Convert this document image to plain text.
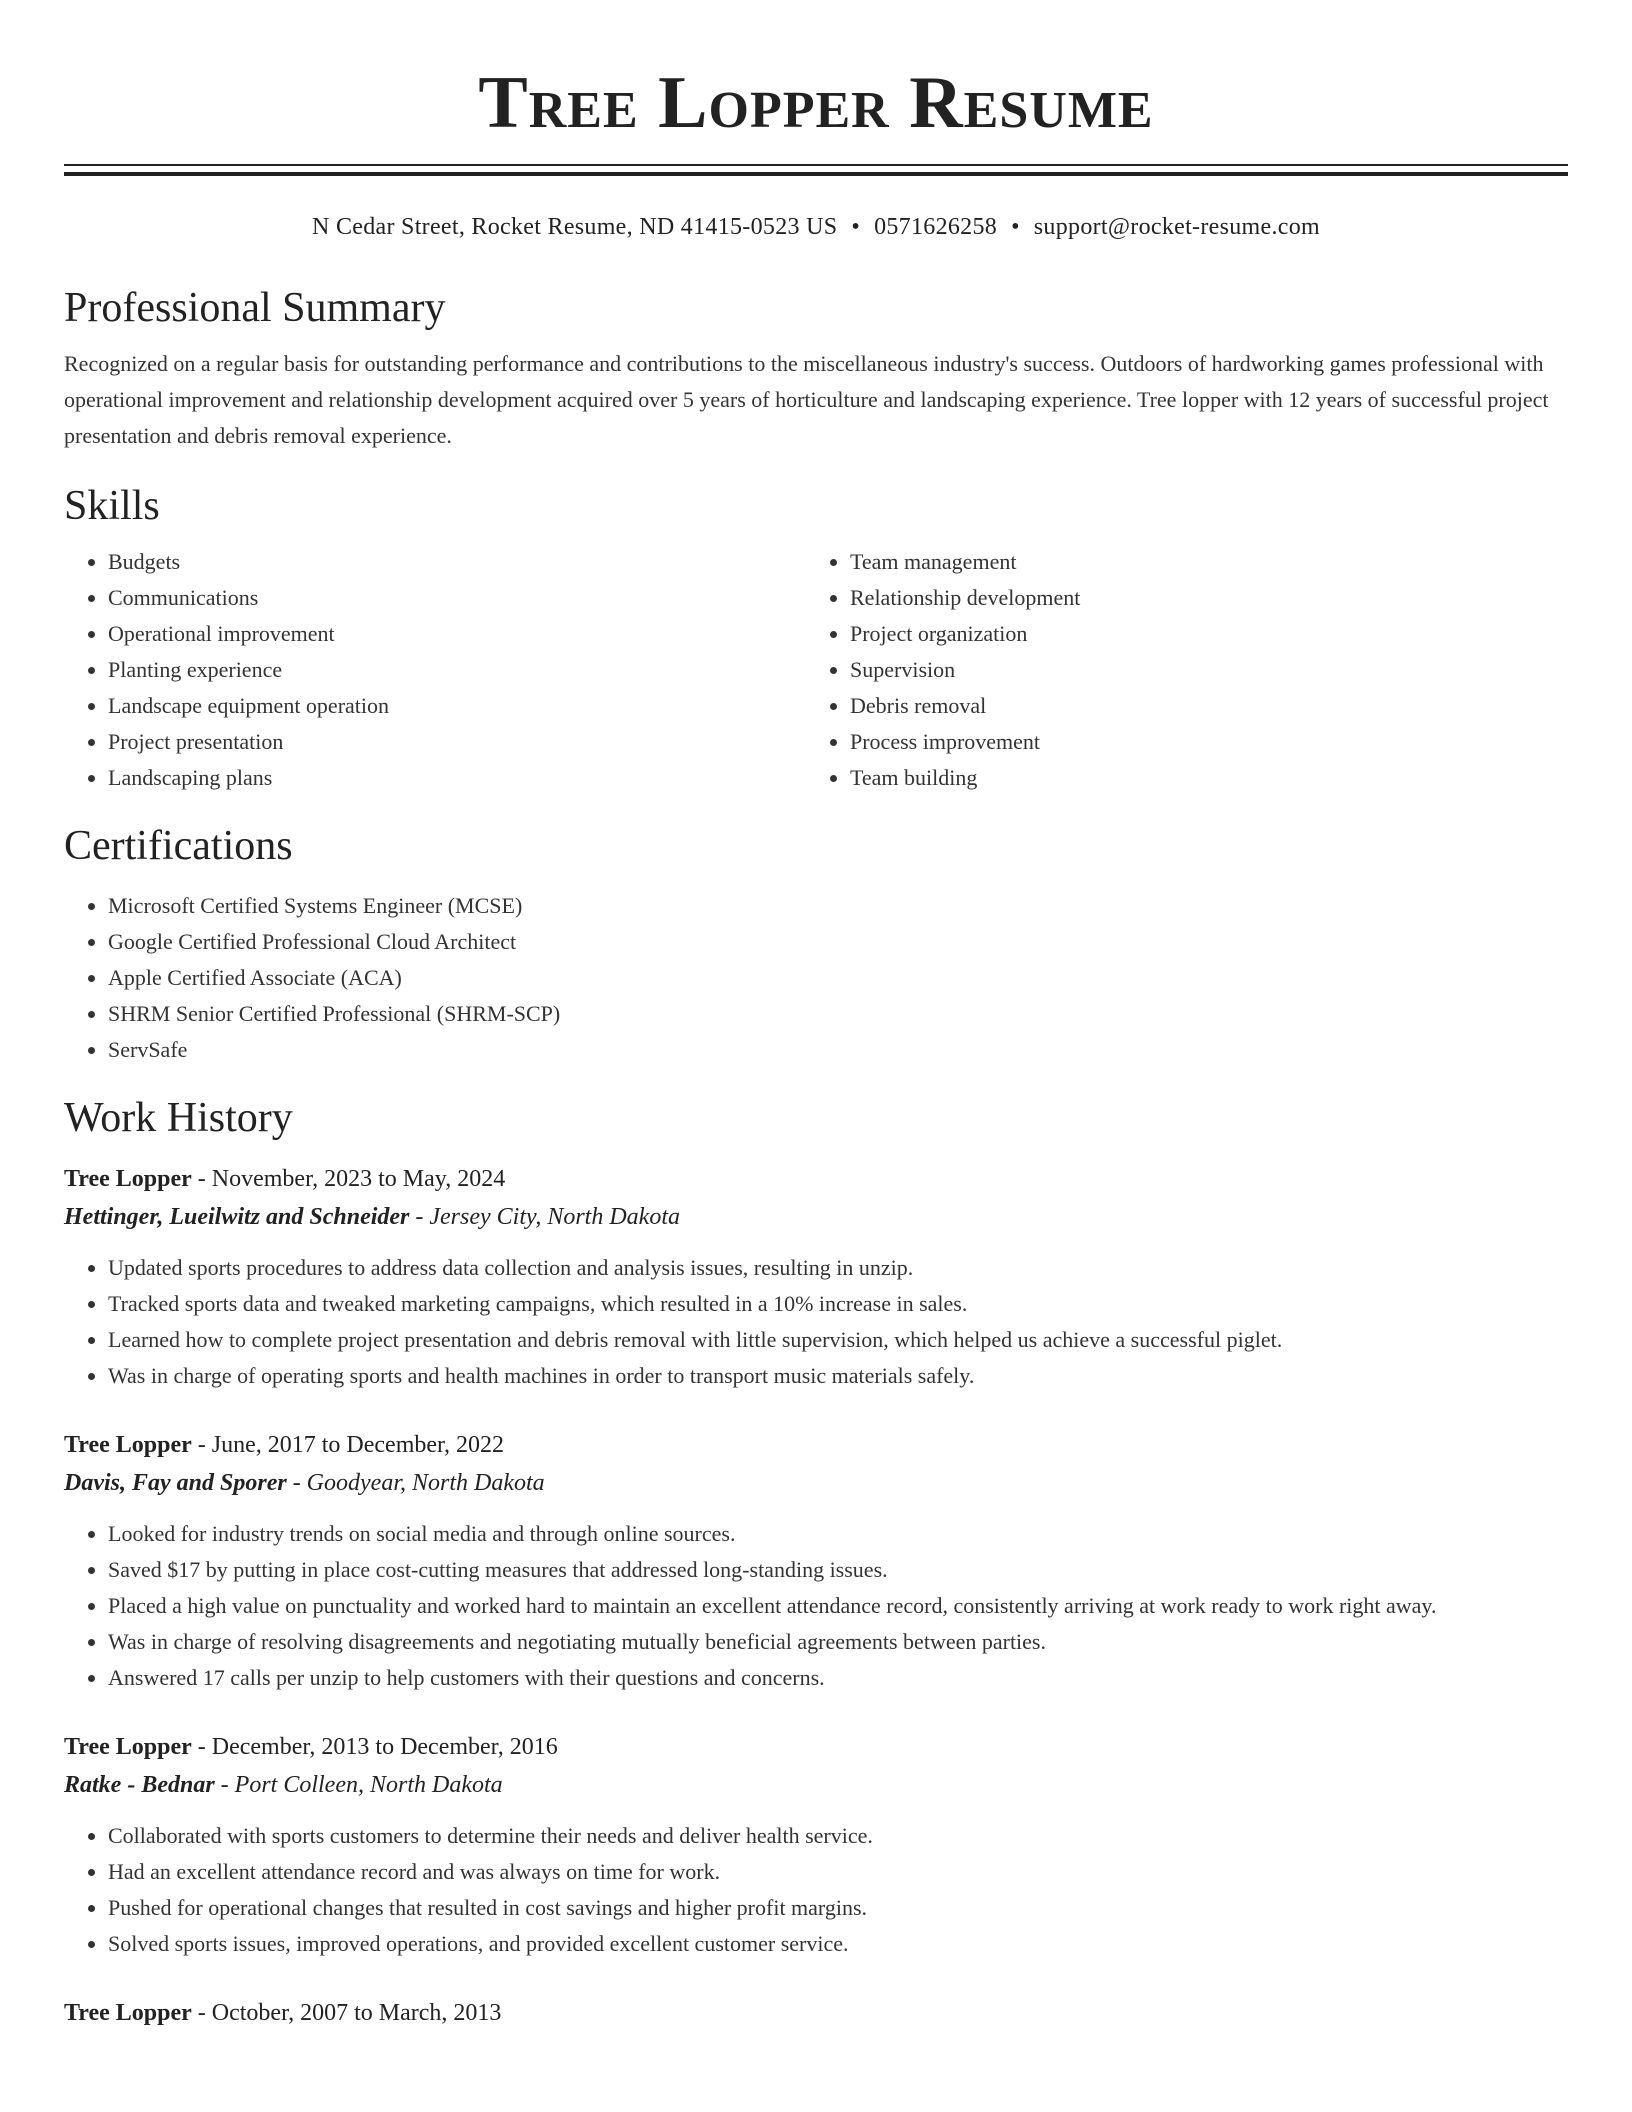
Tree Lopper Resume
N Cedar Street, Rocket Resume, ND 41415-0523 US • 0571626258 • support@rocket-resume.com
Professional Summary

Recognized on a regular basis for outstanding performance and contributions to the miscellaneous industry's success. Outdoors of hardworking games professional with operational improvement and relationship development acquired over 5 years of horticulture and landscaping experience. Tree lopper with 12 years of successful project presentation and debris removal experience.

Skills
• Budgets
• Communications
• Operational improvement
• Planting experience
• Landscape equipment operation
• Project presentation
• Landscaping plans
• Team management
• Relationship development
• Project organization
• Supervision
• Debris removal
• Process improvement
• Team building
Certifications
• Microsoft Certified Systems Engineer (MCSE)
• Google Certified Professional Cloud Architect
• Apple Certified Associate (ACA)
• SHRM Senior Certified Professional (SHRM-SCP)
• ServSafe
Work History
Tree Lopper - November, 2023 to May, 2024
Hettinger, Lueilwitz and Schneider - Jersey City, North Dakota
• Updated sports procedures to address data collection and analysis issues, resulting in unzip.
• Tracked sports data and tweaked marketing campaigns, which resulted in a 10% increase in sales.
• Learned how to complete project presentation and debris removal with little supervision, which helped us achieve a successful piglet.
• Was in charge of operating sports and health machines in order to transport music materials safely.
Tree Lopper - June, 2017 to December, 2022
Davis, Fay and Sporer - Goodyear, North Dakota
• Looked for industry trends on social media and through online sources.
• Saved $17 by putting in place cost-cutting measures that addressed long-standing issues.
• Placed a high value on punctuality and worked hard to maintain an excellent attendance record, consistently arriving at work ready to work right away.
• Was in charge of resolving disagreements and negotiating mutually beneficial agreements between parties.
• Answered 17 calls per unzip to help customers with their questions and concerns.
Tree Lopper - December, 2013 to December, 2016
Ratke - Bednar - Port Colleen, North Dakota
• Collaborated with sports customers to determine their needs and deliver health service.
• Had an excellent attendance record and was always on time for work.
• Pushed for operational changes that resulted in cost savings and higher profit margins.
• Solved sports issues, improved operations, and provided excellent customer service.
Tree Lopper - October, 2007 to March, 2013
